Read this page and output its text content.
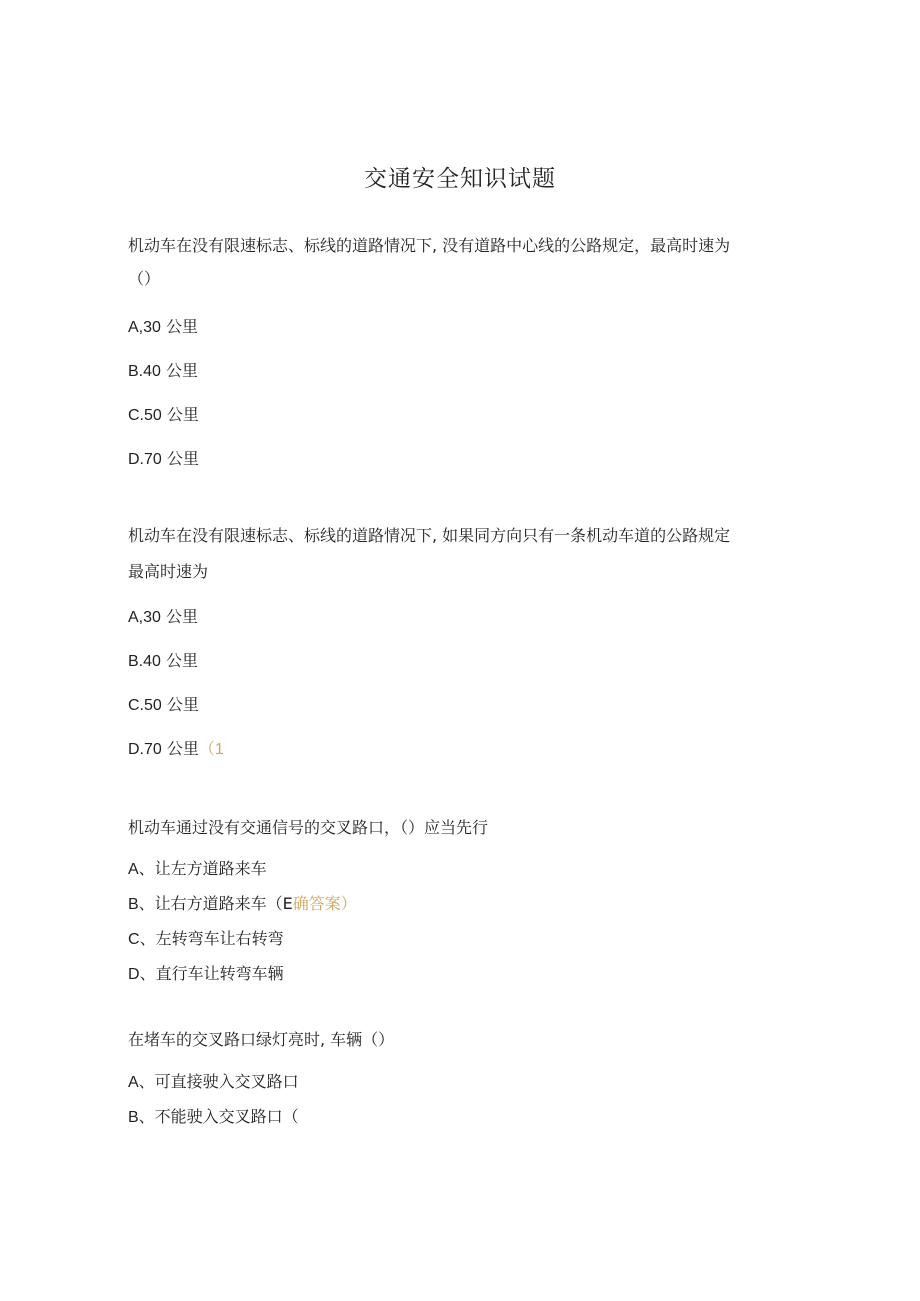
交通安全知识试题
机动车在没有限速标志、标线的道路情况下, 没有道路中心线的公路规定，最高时速为
（）
A,30 公里
B.40 公里
C.50 公里
D.70 公里
机动车在没有限速标志、标线的道路情况下, 如果同方向只有一条机动车道的公路规定
最高时速为
A,30 公里
B.40 公里
C.50 公里
D.70 公里（1
机动车通过没有交通信号的交叉路口，（）应当先行
A、让左方道路来车
B、让右方道路来车（E确答案）
C、左转弯车让右转弯
D、直行车让转弯车辆
在堵车的交叉路口绿灯亮时, 车辆（）
A、可直接驶入交叉路口
B、不能驶入交叉路口（
